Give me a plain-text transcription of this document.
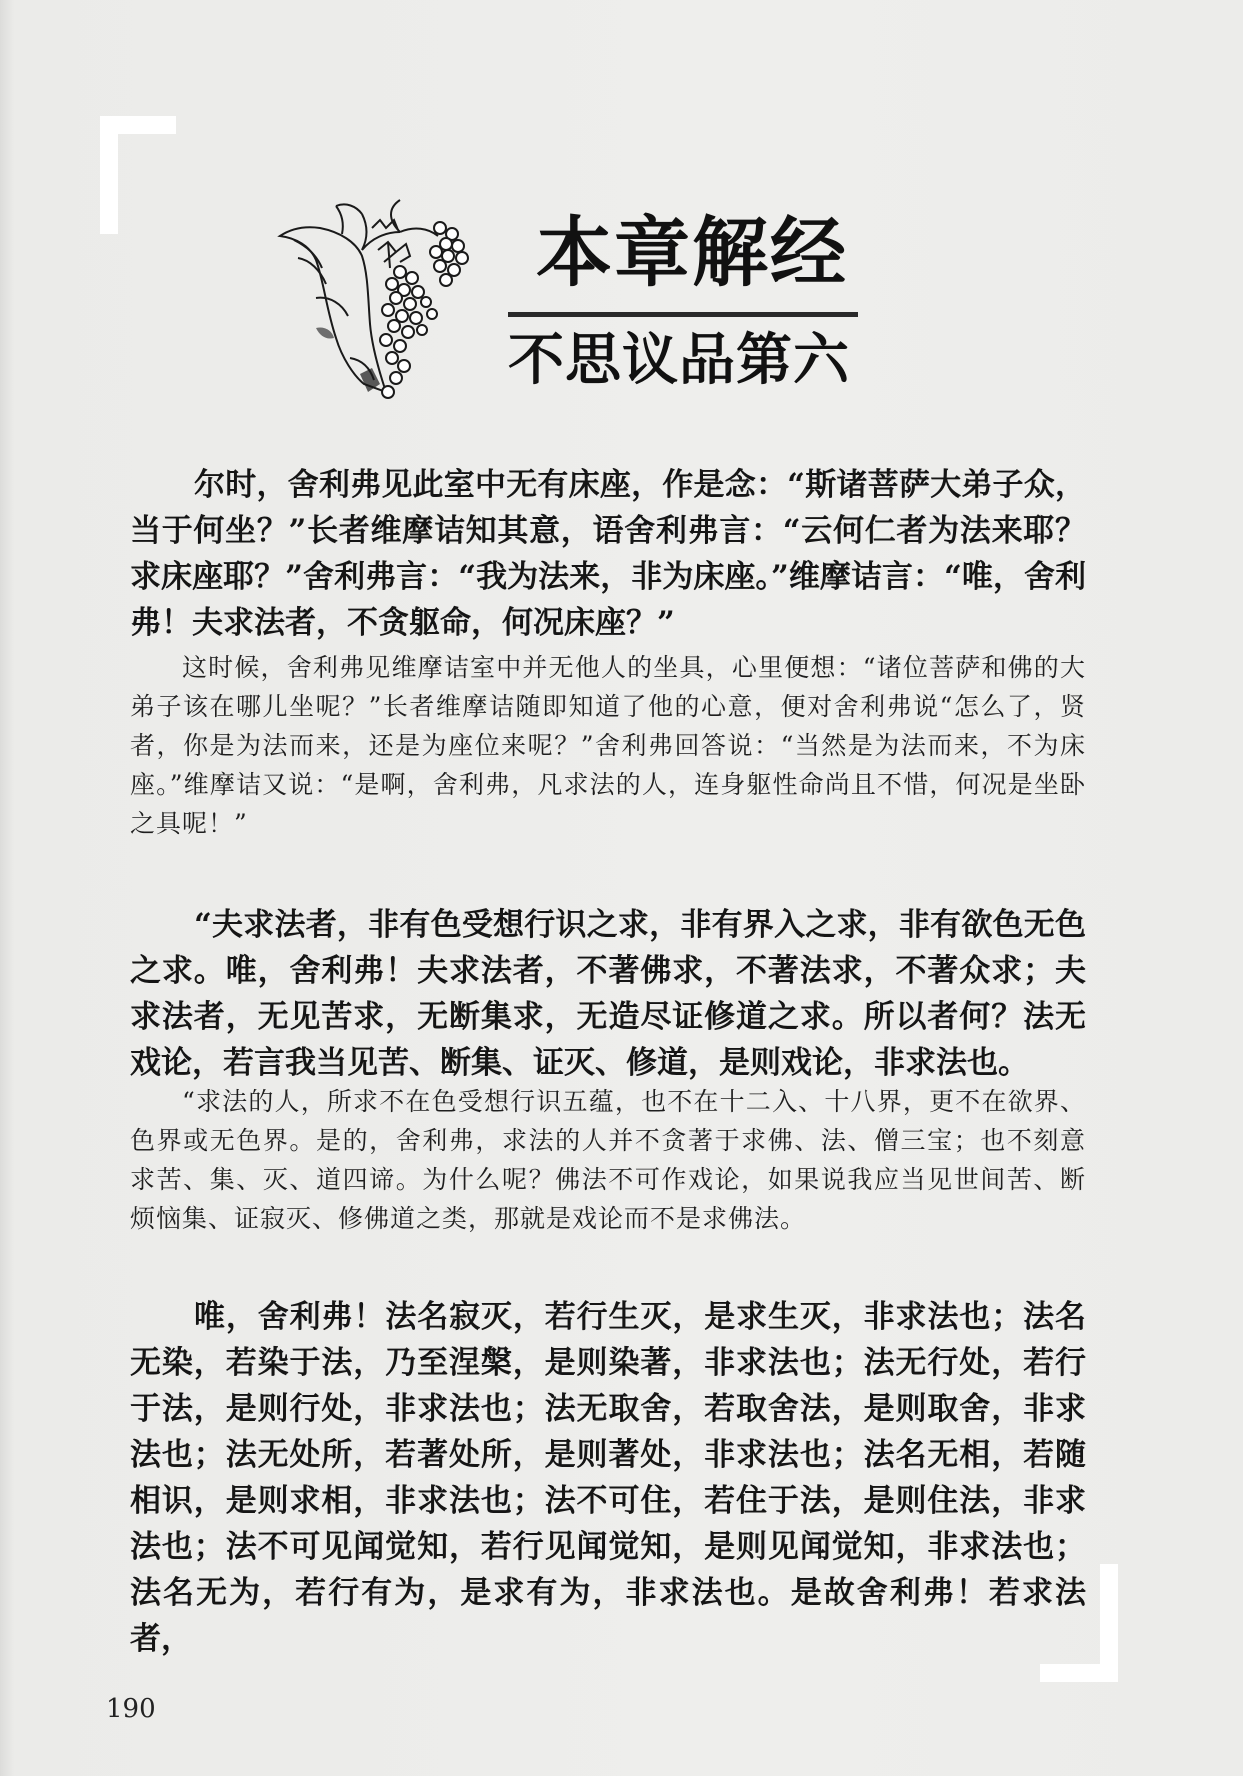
本章解经
不思议品第六

尔时，舍利弗见此室中无有床座，作是念：“斯诸菩萨大弟子众，当于何坐？”长者维摩诘知其意，语舍利弗言：“云何仁者为法来耶？求床座耶？”舍利弗言：“我为法来，非为床座。”维摩诘言：“唯，舍利弗！夫求法者，不贪躯命，何况床座？”

这时候，舍利弗见维摩诘室中并无他人的坐具，心里便想：“诸位菩萨和佛的大弟子该在哪儿坐呢？”长者维摩诘随即知道了他的心意，便对舍利弗说“怎么了，贤者，你是为法而来，还是为座位来呢？”舍利弗回答说：“当然是为法而来，不为床座。”维摩诘又说：“是啊，舍利弗，凡求法的人，连身躯性命尚且不惜，何况是坐卧之具呢！”

“夫求法者，非有色受想行识之求，非有界入之求，非有欲色无色之求。唯，舍利弗！夫求法者，不著佛求，不著法求，不著众求；夫求法者，无见苦求，无断集求，无造尽证修道之求。所以者何？法无戏论，若言我当见苦、断集、证灭、修道，是则戏论，非求法也。

“求法的人，所求不在色受想行识五蕴，也不在十二入、十八界，更不在欲界、色界或无色界。是的，舍利弗，求法的人并不贪著于求佛、法、僧三宝；也不刻意求苦、集、灭、道四谛。为什么呢？佛法不可作戏论，如果说我应当见世间苦、断烦恼集、证寂灭、修佛道之类，那就是戏论而不是求佛法。

唯，舍利弗！法名寂灭，若行生灭，是求生灭，非求法也；法名无染，若染于法，乃至涅槃，是则染著，非求法也；法无行处，若行于法，是则行处，非求法也；法无取舍，若取舍法，是则取舍，非求法也；法无处所，若著处所，是则著处，非求法也；法名无相，若随相识，是则求相，非求法也；法不可住，若住于法，是则住法，非求法也；法不可见闻觉知，若行见闻觉知，是则见闻觉知，非求法也；法名无为，若行有为，是求有为，非求法也。是故舍利弗！若求法者，

190
